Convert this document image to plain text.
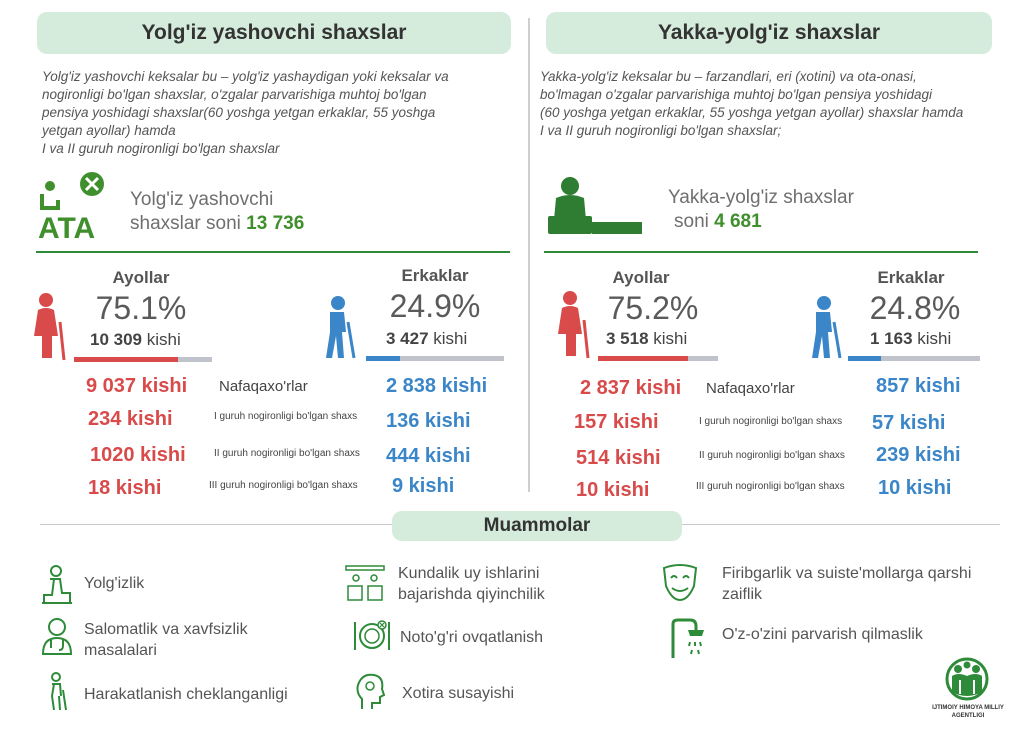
Yolg'iz yashovchi shaxslar
Yolg'iz yashovchi keksalar bu – yolg'iz yashaydigan yoki keksalar va
nogironligi bo'lgan shaxslar, o'zgalar parvarishiga muhtoj bo'lgan
pensiya yoshidagi shaxslar(60 yoshga yetgan erkaklar, 55 yoshga
yetgan ayollar) hamda
I va II guruh nogironligi bo'lgan shaxslar
ATA
Yolg'iz yashovchi
shaxslar soni 13 736
Ayollar
75.1%
10 309 kishi
Erkaklar
24.9%
3 427 kishi
9 037 kishi Nafaqaxo'rlar	2 838 kishi
234 kishi	I guruh nogironligi bo'lgan shaxs 136 kishi
1020 kishi	II guruh nogironligi bo'lgan shaxs 444 kishi
18 kishi	III guruh nogironligi bo'lgan shaxs 9 kishi
Yakka-yolg'iz shaxslar
Yakka-yolg'iz keksalar bu – farzandlari, eri (xotini) va ota-onasi,
bo'lmagan o'zgalar parvarishiga muhtoj bo'lgan pensiya yoshidagi
(60 yoshga yetgan erkaklar, 55 yoshga yetgan ayollar) shaxslar hamda
I va II guruh nogironligi bo'lgan shaxslar;
Yakka-yolg'iz shaxslar
soni 4 681
Ayollar
75.2%
3 518 kishi
Erkaklar
24.8%
1 163 kishi
2 837 kishi Nafaqaxo'rlar	857 kishi
157 kishi	I guruh nogironligi bo'lgan shaxs 57 kishi
514 kishi	II guruh nogironligi bo'lgan shaxs 239 kishi
10 kishi	III guruh nogironligi bo'lgan shaxs 10 kishi
Muammolar
Yolg'izlik
Salomatlik va xavfsizlik
masalalari
Harakatlanish cheklanganligi
Kundalik uy ishlarini
bajarishda qiyinchilik
Noto'g'ri ovqatlanish
Xotira susayishi
Firibgarlik va suiste'mollarga qarshi
zaiflik
O'z-o'zini parvarish qilmaslik
IJTIMOIY HIMOYA MILLIY
AGENTLIGI
